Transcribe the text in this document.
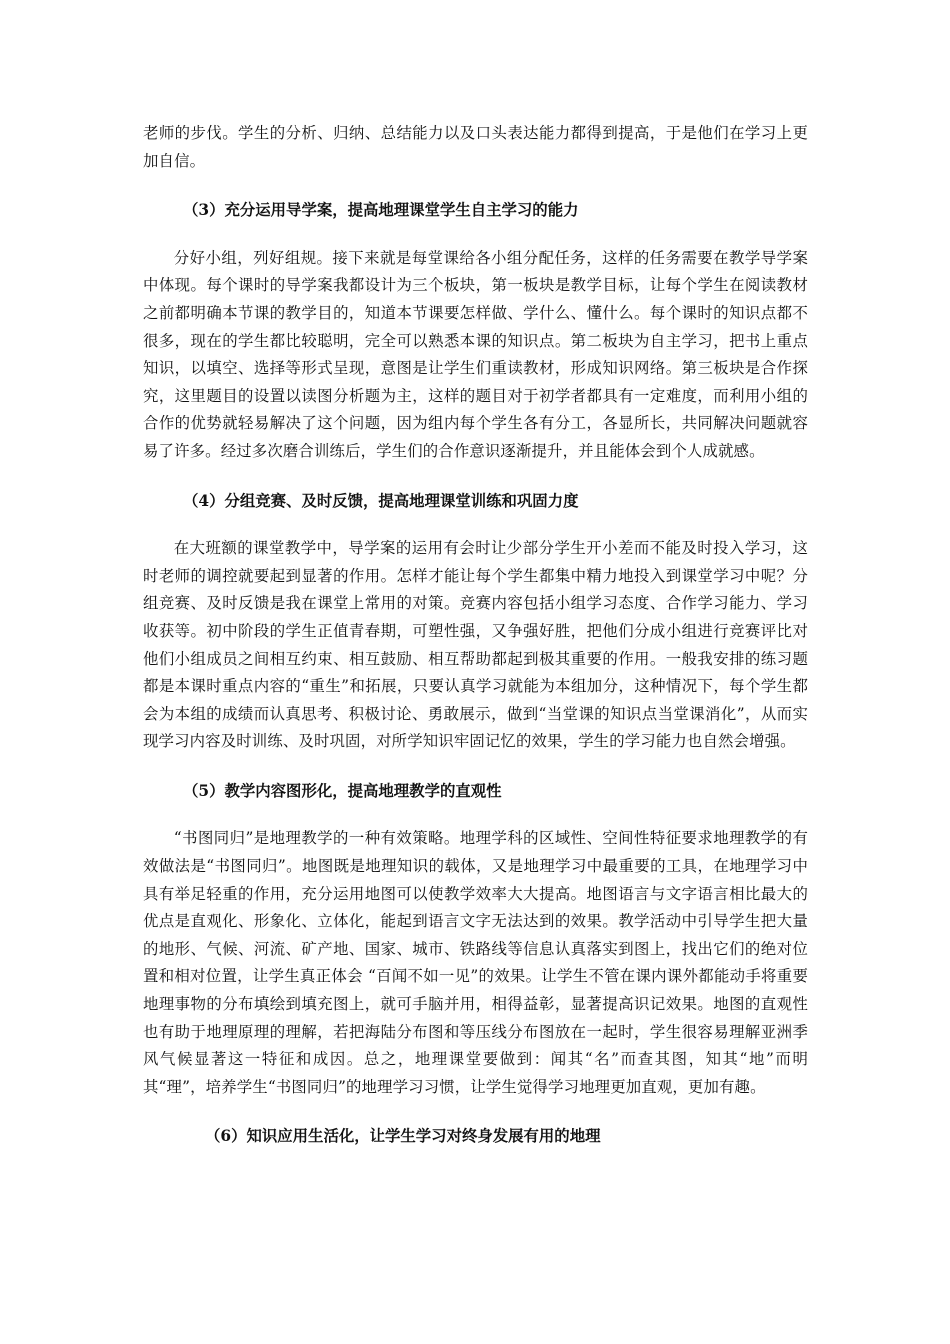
老师的步伐。学生的分析、归纳、总结能力以及口头表达能力都得到提高，于是他们在学习上更加自信。

（3）充分运用导学案，提高地理课堂学生自主学习的能力

分好小组，列好组规。接下来就是每堂课给各小组分配任务，这样的任务需要在教学导学案中体现。每个课时的导学案我都设计为三个板块，第一板块是教学目标，让每个学生在阅读教材之前都明确本节课的教学目的，知道本节课要怎样做、学什么、懂什么。每个课时的知识点都不很多，现在的学生都比较聪明，完全可以熟悉本课的知识点。第二板块为自主学习，把书上重点知识，以填空、选择等形式呈现，意图是让学生们重读教材，形成知识网络。第三板块是合作探究，这里题目的设置以读图分析题为主，这样的题目对于初学者都具有一定难度，而利用小组的合作的优势就轻易解决了这个问题，因为组内每个学生各有分工，各显所长，共同解决问题就容易了许多。经过多次磨合训练后，学生们的合作意识逐渐提升，并且能体会到个人成就感。

（4）分组竞赛、及时反馈，提高地理课堂训练和巩固力度

在大班额的课堂教学中，导学案的运用有会时让少部分学生开小差而不能及时投入学习，这时老师的调控就要起到显著的作用。怎样才能让每个学生都集中精力地投入到课堂学习中呢？分组竞赛、及时反馈是我在课堂上常用的对策。竞赛内容包括小组学习态度、合作学习能力、学习收获等。初中阶段的学生正值青春期，可塑性强，又争强好胜，把他们分成小组进行竞赛评比对他们小组成员之间相互约束、相互鼓励、相互帮助都起到极其重要的作用。一般我安排的练习题都是本课时重点内容的“重生”和拓展，只要认真学习就能为本组加分，这种情况下，每个学生都会为本组的成绩而认真思考、积极讨论、勇敢展示，做到“当堂课的知识点当堂课消化”，从而实现学习内容及时训练、及时巩固，对所学知识牢固记忆的效果，学生的学习能力也自然会增强。

（5）教学内容图形化，提高地理教学的直观性

“书图同归”是地理教学的一种有效策略。地理学科的区域性、空间性特征要求地理教学的有效做法是“书图同归”。地图既是地理知识的载体，又是地理学习中最重要的工具，在地理学习中具有举足轻重的作用，充分运用地图可以使教学效率大大提高。地图语言与文字语言相比最大的优点是直观化、形象化、立体化，能起到语言文字无法达到的效果。教学活动中引导学生把大量的地形、气候、河流、矿产地、国家、城市、铁路线等信息认真落实到图上，找出它们的绝对位置和相对位置，让学生真正体会 “百闻不如一见”的效果。让学生不管在课内课外都能动手将重要地理事物的分布填绘到填充图上，就可手脑并用，相得益彰，显著提高识记效果。地图的直观性也有助于地理原理的理解，若把海陆分布图和等压线分布图放在一起时，学生很容易理解亚洲季风气候显著这一特征和成因。总之，地理课堂要做到：闻其“名”而查其图，知其“地”而明其“理”，培养学生“书图同归”的地理学习习惯，让学生觉得学习地理更加直观，更加有趣。

（6）知识应用生活化，让学生学习对终身发展有用的地理
